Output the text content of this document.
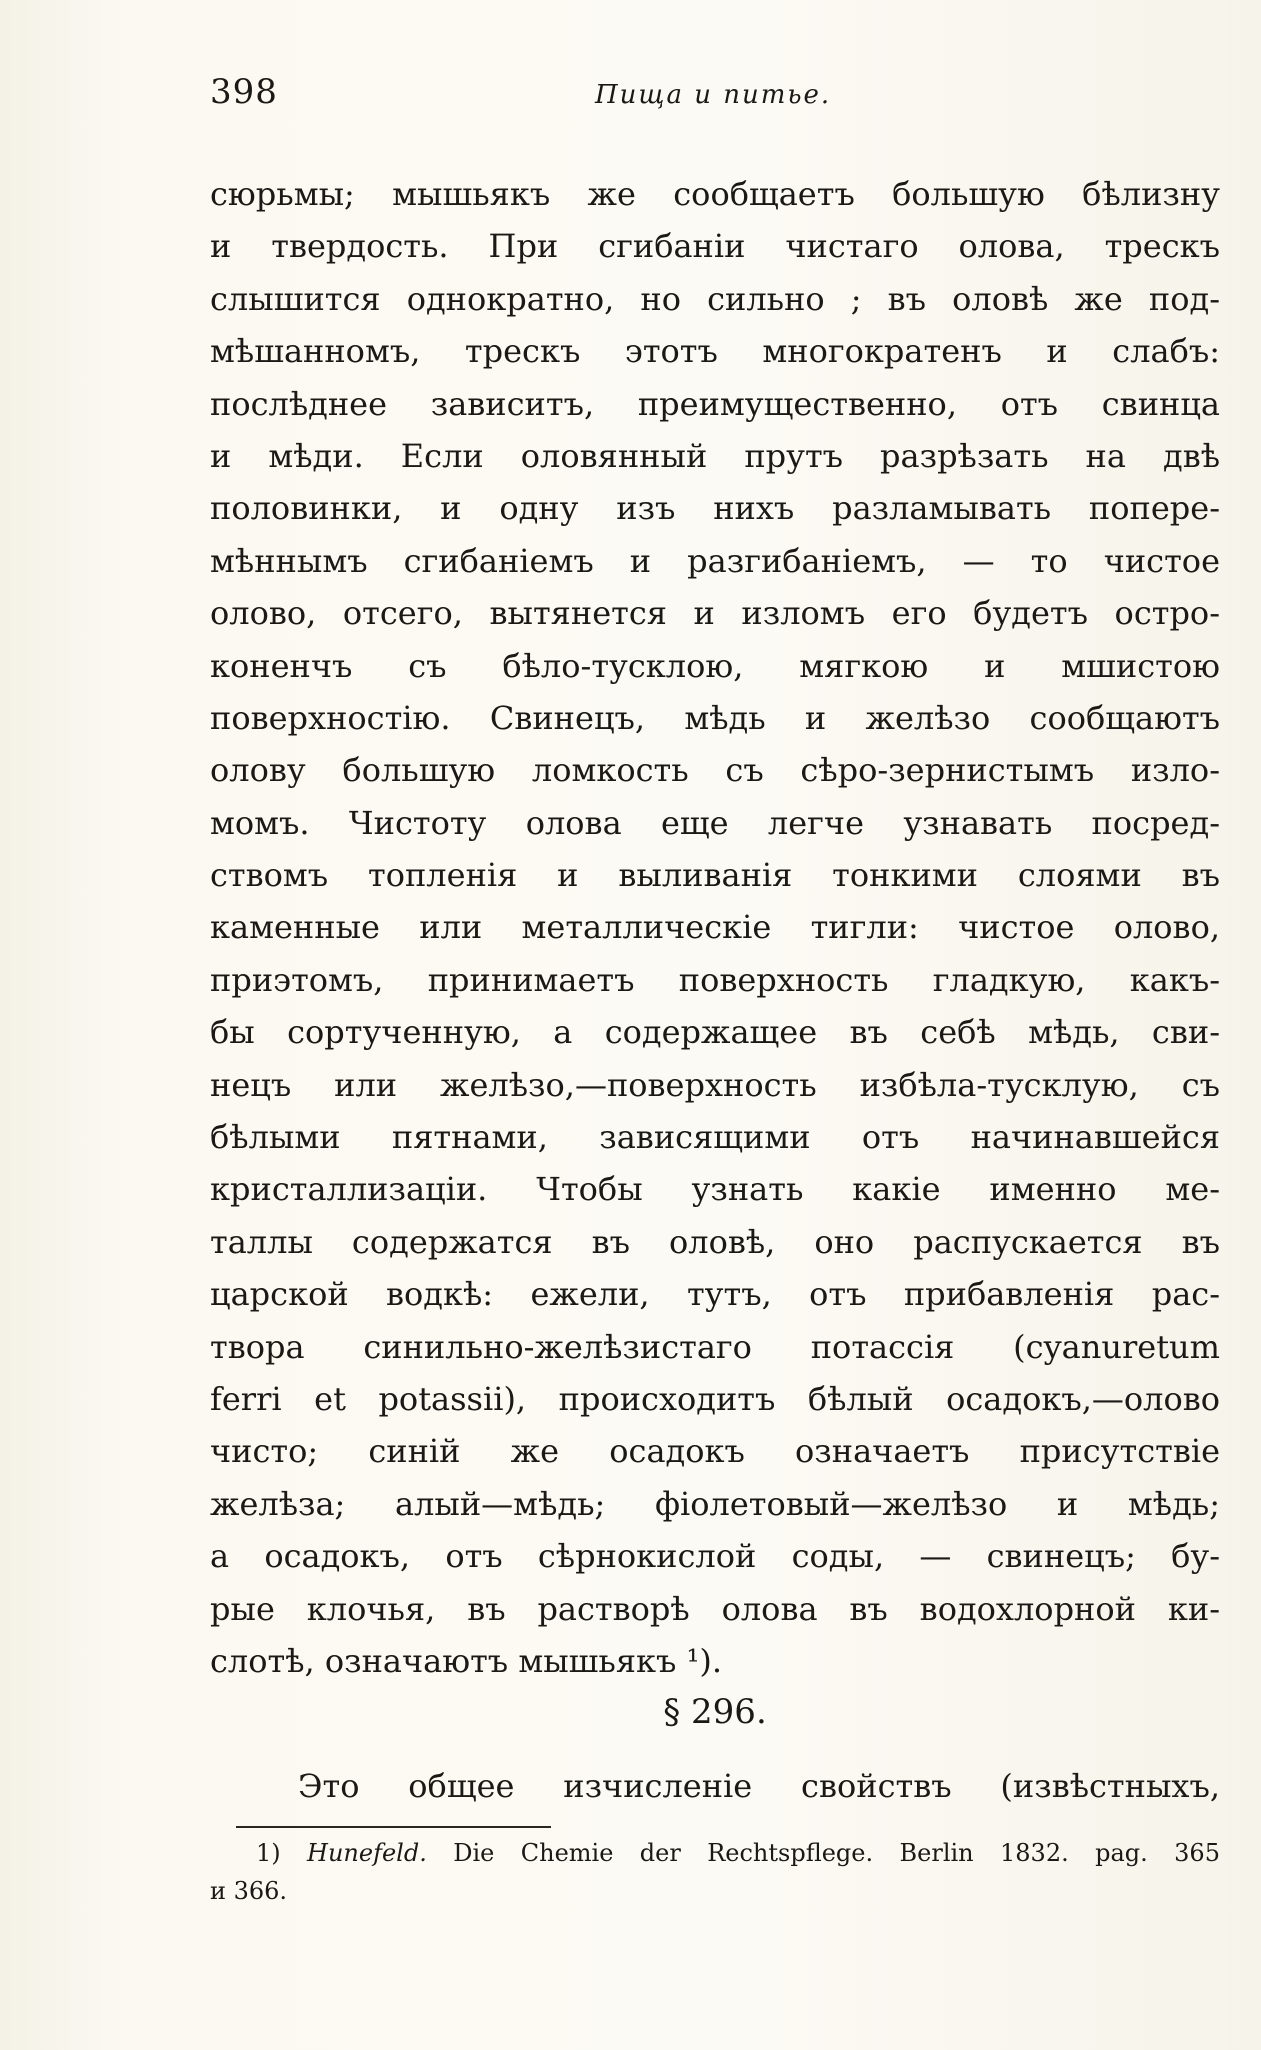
398	Пища и питье.
сюрьмы; мышьякъ же сообщаетъ большую бѣлизну
и твердость. При сгибаніи чистаго олова, трескъ
слышится однократно, но сильно ; въ оловѣ же под-
мѣшанномъ, трескъ этотъ многократенъ и слабъ:
послѣднее зависитъ, преимущественно, отъ свинца
и мѣди. Если оловянный прутъ разрѣзать на двѣ
половинки, и одну изъ нихъ разламывать попере-
мѣннымъ сгибаніемъ и разгибаніемъ, — то чистое
олово, отсего, вытянется и изломъ его будетъ остро-
коненчъ съ бѣло-тусклою, мягкою и мшистою
поверхностію. Свинецъ, мѣдь и желѣзо сообщаютъ
олову большую ломкость съ сѣро-зернистымъ изло-
момъ. Чистоту олова еще легче узнавать посред-
ствомъ топленія и выливанія тонкими слоями въ
каменные или металлическіе тигли: чистое олово,
приэтомъ, принимаетъ поверхность гладкую, какъ-
бы сортученную, а содержащее въ себѣ мѣдь, сви-
нецъ или желѣзо,—поверхность избѣла-тусклую, съ
бѣлыми пятнами, зависящими отъ начинавшейся
кристаллизаціи. Чтобы узнать какіе именно ме-
таллы содержатся въ оловѣ, оно распускается въ
царской водкѣ: ежели, тутъ, отъ прибавленія рас-
твора синильно-желѣзистаго потассія (cyanuretum
ferri et potassii), происходитъ бѣлый осадокъ,—олово
чисто; синій же осадокъ означаетъ присутствіе
желѣза; алый—мѣдь; фіолетовый—желѣзо и мѣдь;
а осадокъ, отъ сѣрнокислой соды, — свинецъ; бу-
рые клочья, въ растворѣ олова въ водохлорной ки-
слотѣ, означаютъ мышьякъ ¹).
§ 296.
Это общее изчисленіе свойствъ (извѣстныхъ,
1) Hunefeld. Die Chemie der Rechtspflege. Berlin 1832. pag. 365
и 366.
